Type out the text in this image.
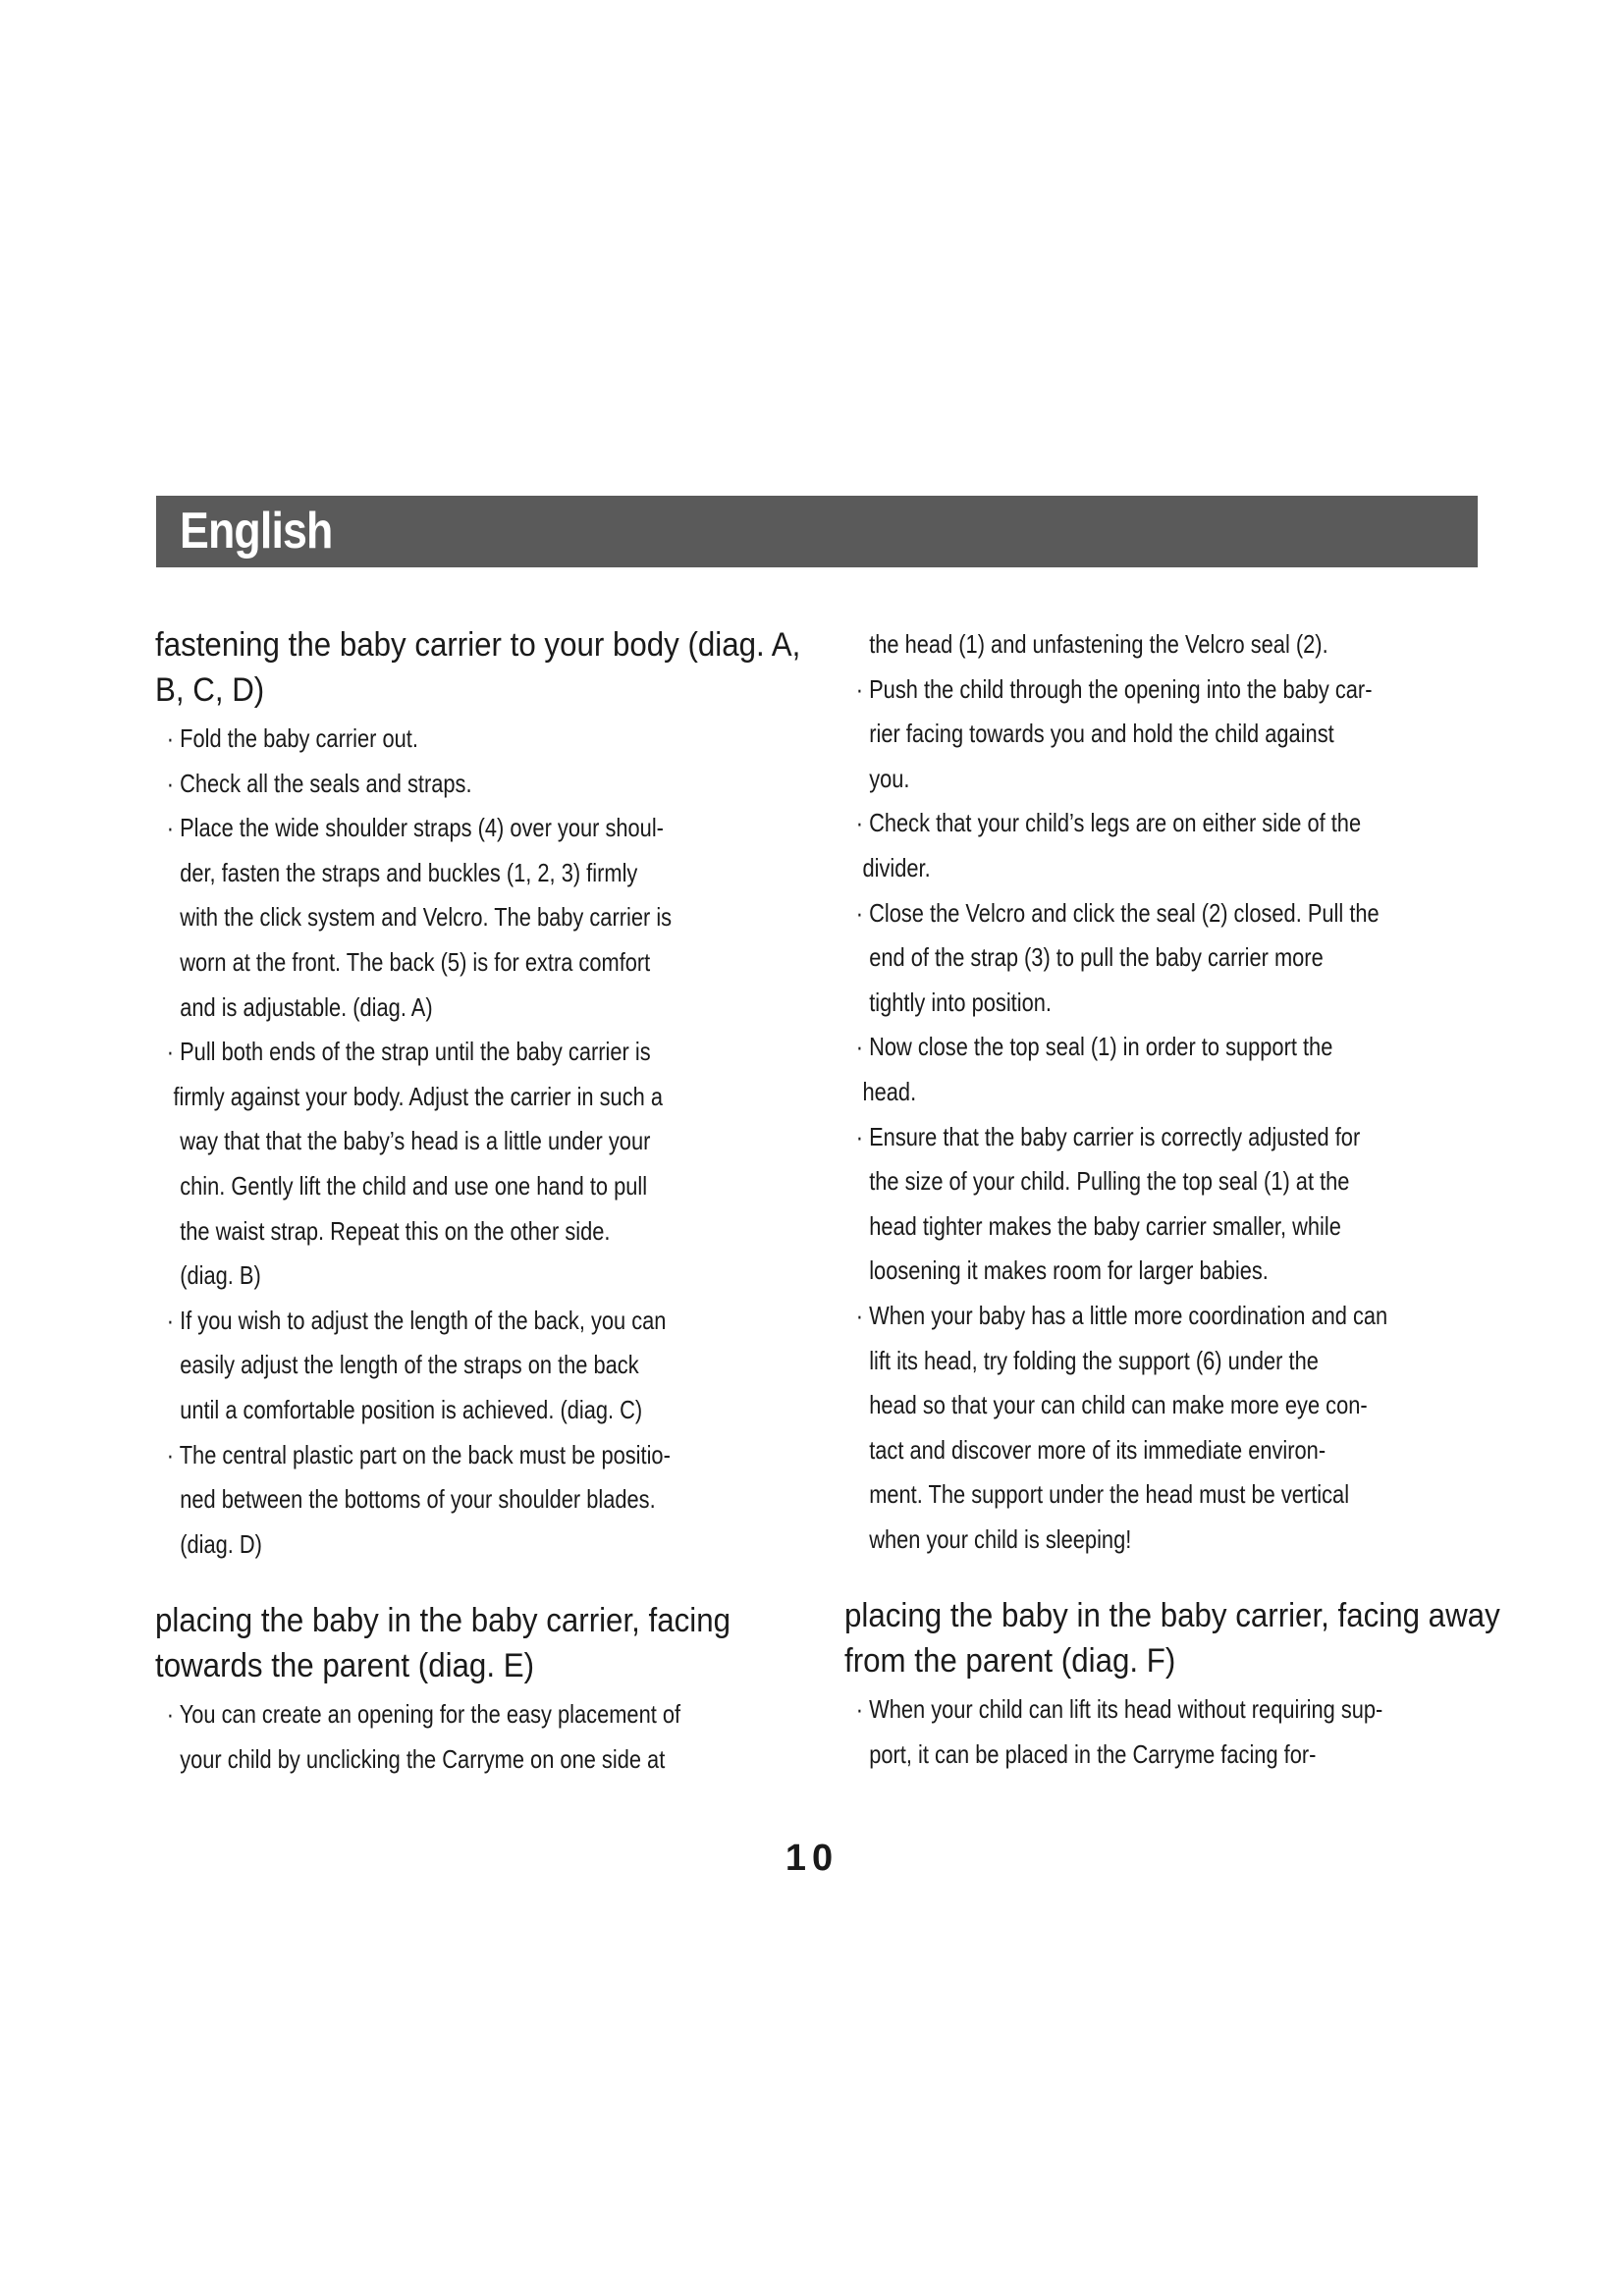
English
fastening the baby carrier to your body (diag. A,
B, C, D)
· Fold the baby carrier out.
· Check all the seals and straps.
· Place the wide shoulder straps (4) over your shoul-
der, fasten the straps and buckles (1, 2, 3) firmly
with the click system and Velcro. The baby carrier is
worn at the front. The back (5) is for extra comfort
and is adjustable. (diag. A)
· Pull both ends of the strap until the baby carrier is
firmly against your body. Adjust the carrier in such a
way that that the baby’s head is a little under your
chin. Gently lift the child and use one hand to pull
the waist strap. Repeat this on the other side.
(diag. B)
· If you wish to adjust the length of the back, you can
easily adjust the length of the straps on the back
until a comfortable position is achieved. (diag. C)
· The central plastic part on the back must be positio-
ned between the bottoms of your shoulder blades.
(diag. D)
placing the baby in the baby carrier, facing
towards the parent (diag. E)
· You can create an opening for the easy placement of
your child by unclicking the Carryme on one side at
the head (1) and unfastening the Velcro seal (2).
· Push the child through the opening into the baby car-
rier facing towards you and hold the child against
you.
· Check that your child’s legs are on either side of the
divider.
· Close the Velcro and click the seal (2) closed. Pull the
end of the strap (3) to pull the baby carrier more
tightly into position.
· Now close the top seal (1) in order to support the
head.
· Ensure that the baby carrier is correctly adjusted for
the size of your child. Pulling the top seal (1) at the
head tighter makes the baby carrier smaller, while
loosening it makes room for larger babies.
· When your baby has a little more coordination and can
lift its head, try folding the support (6) under the
head so that your can child can make more eye con-
tact and discover more of its immediate environ-
ment. The support under the head must be vertical
when your child is sleeping!
placing the baby in the baby carrier, facing away
from the parent (diag. F)
· When your child can lift its head without requiring sup-
port, it can be placed in the Carryme facing for-
10
